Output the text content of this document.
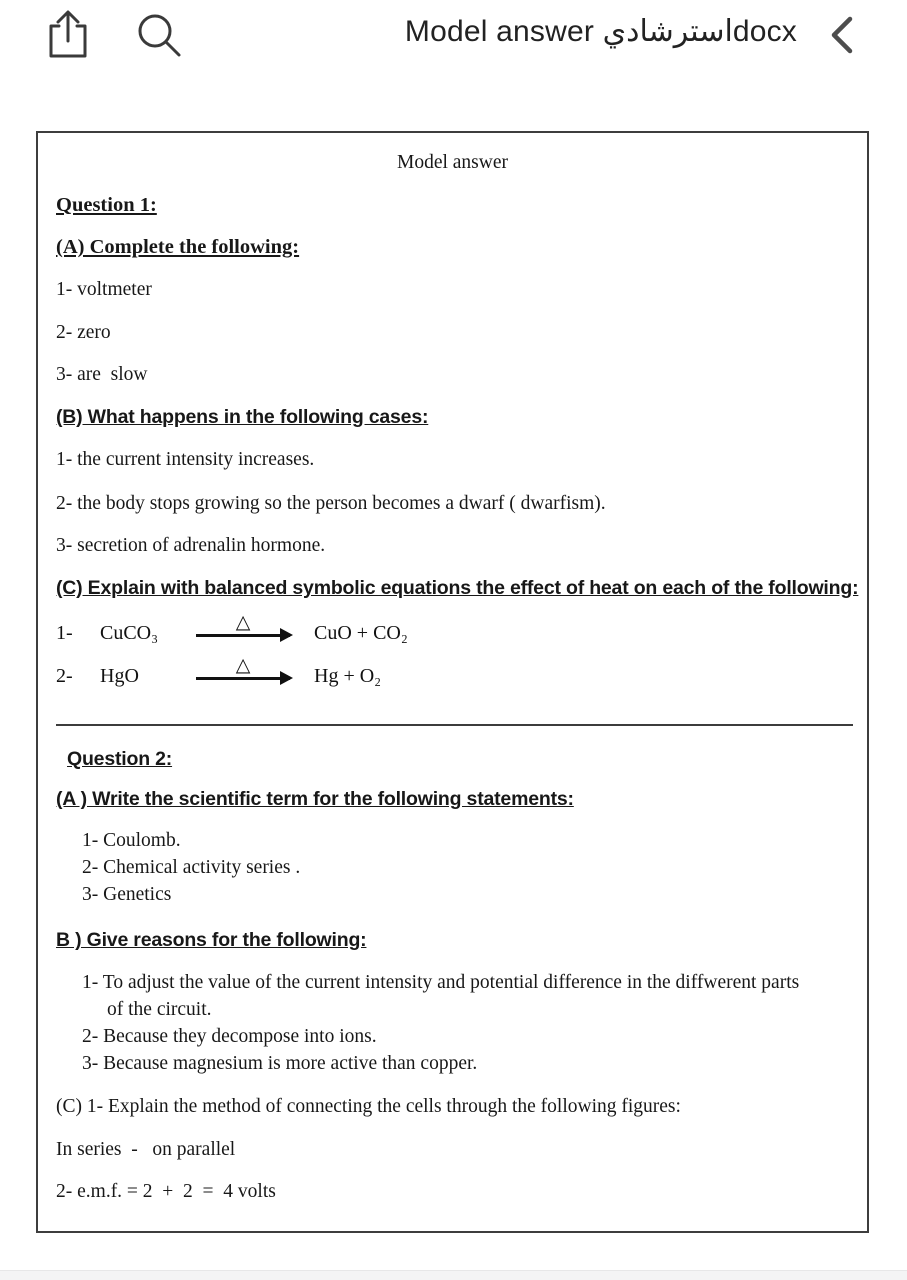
Model answer استرشاديdocx
Model answer
Question 1:
(A) Complete the following:
1- voltmeter
2- zero
3- are  slow
(B) What happens in the following cases:
1- the current intensity increases.
2- the body stops growing so the person becomes a dwarf ( dwarfism).
3- secretion of adrenalin hormone.
(C) Explain with balanced symbolic equations the effect of heat on each of the following:
1-	CuCO₃
△
CuO + CO₂
2-	HgO
△
Hg + O₂
Question 2:
(A ) Write the scientific term for the following statements:
1- Coulomb.
2- Chemical activity series .
3- Genetics
B ) Give reasons for the following:
1- To adjust the value of the current intensity and potential difference in the diffwerent parts
of the circuit.
2- Because they decompose into ions.
3- Because magnesium is more active than copper.
(C) 1- Explain the method of connecting the cells through the following figures:
In series  -   on parallel
2- e.m.f. = 2  +  2  =  4 volts
